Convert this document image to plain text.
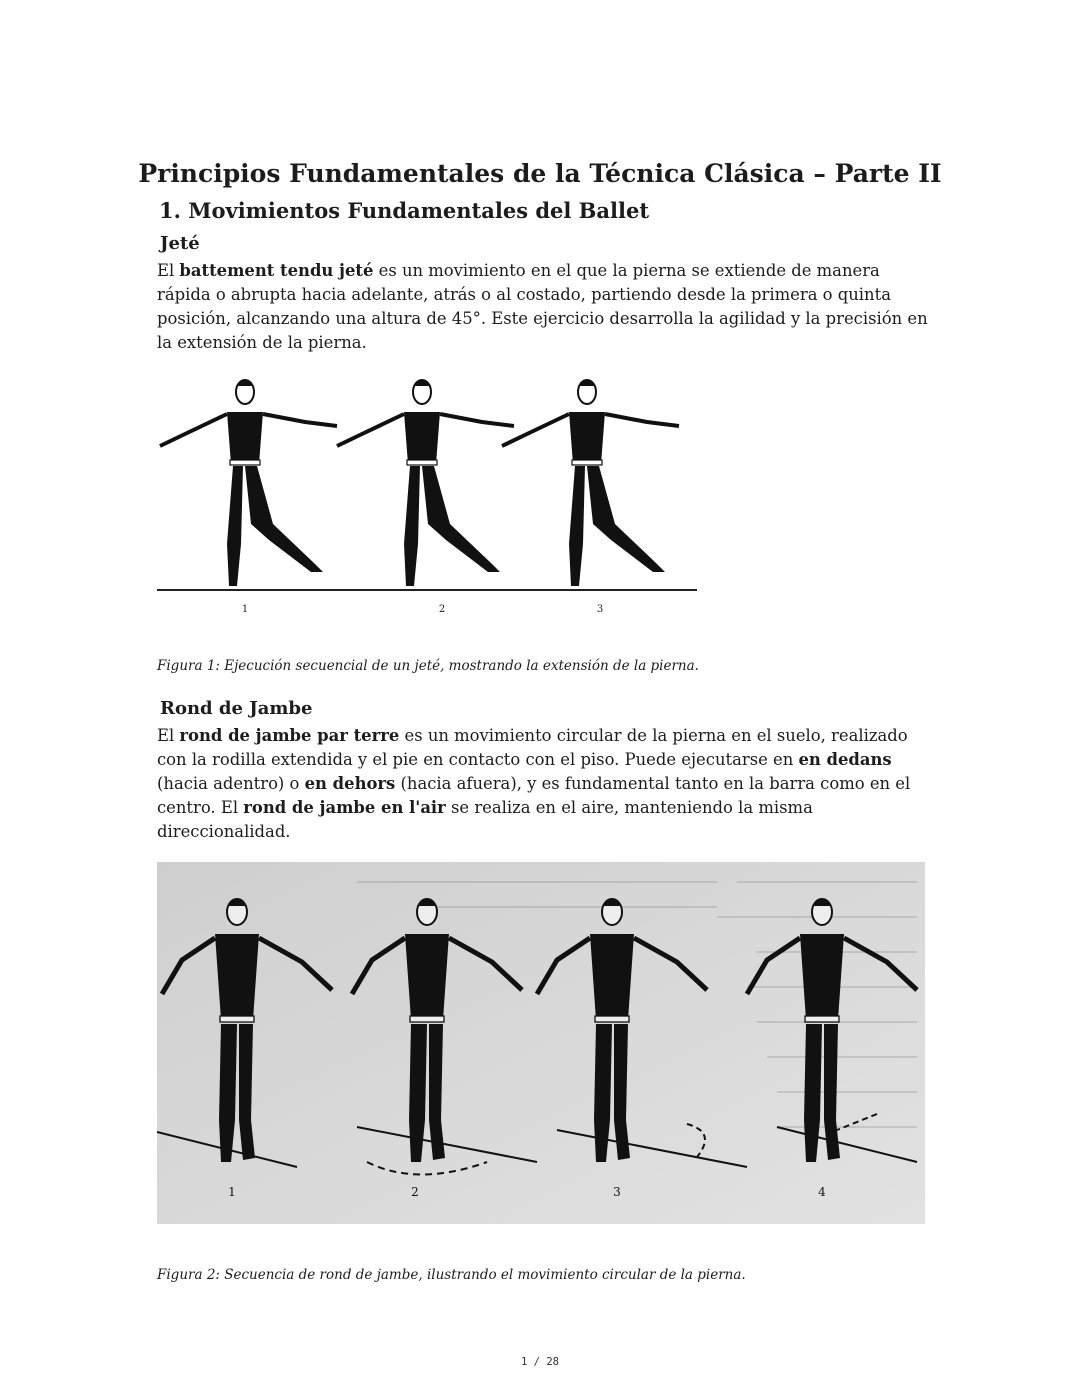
Principios Fundamentales de la Técnica Clásica – Parte II
1. Movimientos Fundamentales del Ballet
Jeté

El battement tendu jeté es un movimiento en el que la pierna se extiende de manera rápida o abrupta hacia adelante, atrás o al costado, partiendo desde la primera o quinta posición, alcanzando una altura de 45°. Este ejercicio desarrolla la agilidad y la precisión en la extensión de la pierna.

1	2	3

Figura 1: Ejecución secuencial de un jeté, mostrando la extensión de la pierna.

Rond de Jambe

El rond de jambe par terre es un movimiento circular de la pierna en el suelo, realizado con la rodilla extendida y el pie en contacto con el piso. Puede ejecutarse en en dedans (hacia adentro) o en dehors (hacia afuera), y es fundamental tanto en la barra como en el centro. El rond de jambe en l'air se realiza en el aire, manteniendo la misma direccionalidad.

1	2	3	4

Figura 2: Secuencia de rond de jambe, ilustrando el movimiento circular de la pierna.

1 / 28
